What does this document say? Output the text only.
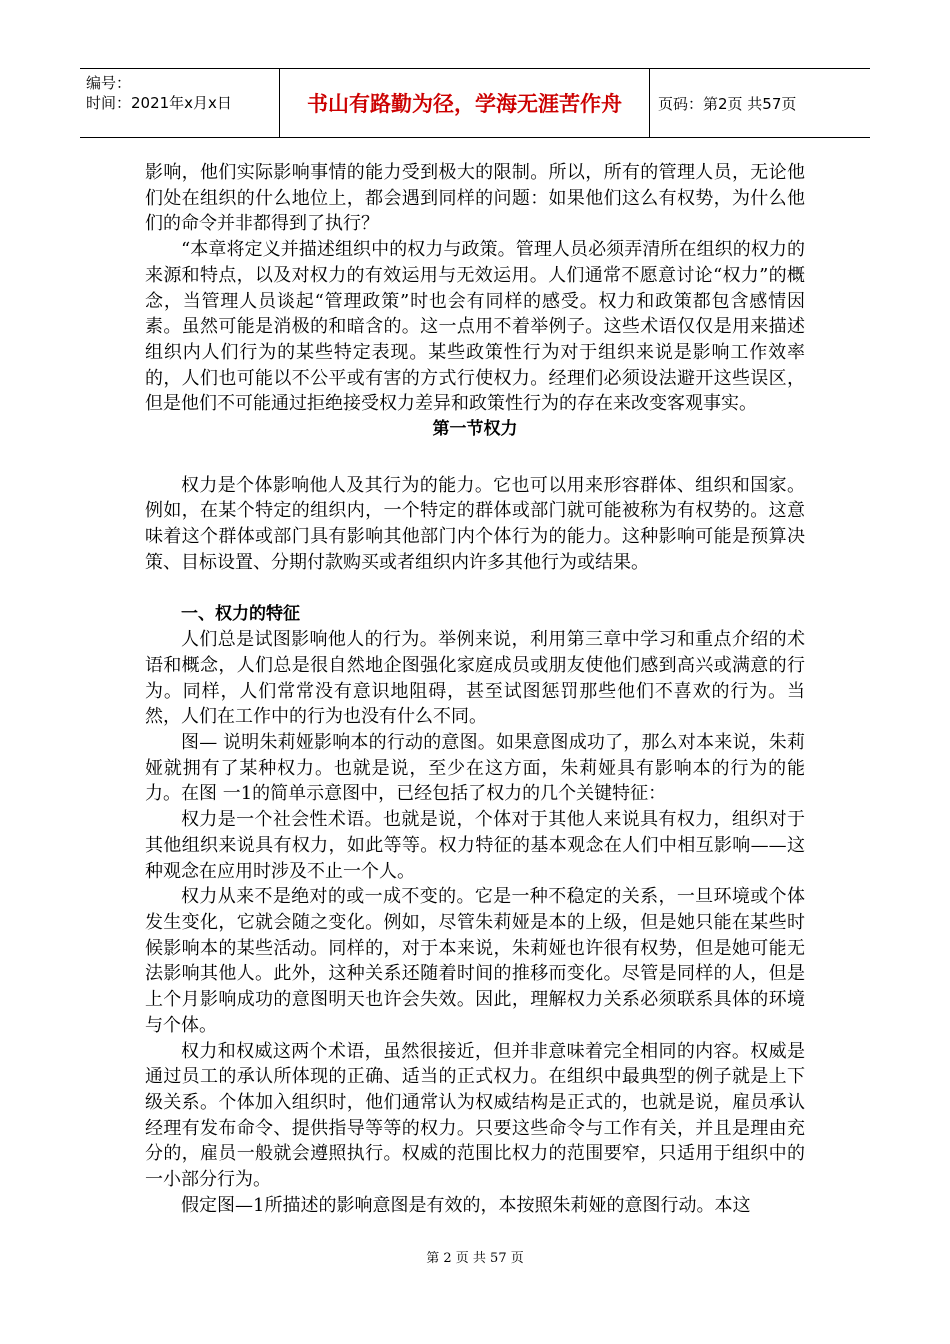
编号：
时间：2021年x月x日	书山有路勤为径，学海无涯苦作舟	页码：第2页 共57页

影响，他们实际影响事情的能力受到极大的限制。所以，所有的管理人员，无论他们处在组织的什么地位上，都会遇到同样的问题：如果他们这么有权势，为什么他们的命令并非都得到了执行？

“本章将定义并描述组织中的权力与政策。管理人员必须弄清所在组织的权力的来源和特点，以及对权力的有效运用与无效运用。人们通常不愿意讨论“权力”的概念，当管理人员谈起“管理政策”时也会有同样的感受。权力和政策都包含感情因素。虽然可能是消极的和暗含的。这一点用不着举例子。这些术语仅仅是用来描述组织内人们行为的某些特定表现。某些政策性行为对于组织来说是影响工作效率的，人们也可能以不公平或有害的方式行使权力。经理们必须设法避开这些误区，但是他们不可能通过拒绝接受权力差异和政策性行为的存在来改变客观事实。

第一节权力

权力是个体影响他人及其行为的能力。它也可以用来形容群体、组织和国家。例如，在某个特定的组织内，一个特定的群体或部门就可能被称为有权势的。这意味着这个群体或部门具有影响其他部门内个体行为的能力。这种影响可能是预算决策、目标设置、分期付款购买或者组织内许多其他行为或结果。

一、权力的特征

人们总是试图影响他人的行为。举例来说，利用第三章中学习和重点介绍的术语和概念，人们总是很自然地企图强化家庭成员或朋友使他们感到高兴或满意的行为。同样，人们常常没有意识地阻碍，甚至试图惩罚那些他们不喜欢的行为。当然，人们在工作中的行为也没有什么不同。

图— 说明朱莉娅影响本的行动的意图。如果意图成功了，那么对本来说，朱莉娅就拥有了某种权力。也就是说，至少在这方面，朱莉娅具有影响本的行为的能力。在图 一1的简单示意图中，已经包括了权力的几个关键特征：

权力是一个社会性术语。也就是说，个体对于其他人来说具有权力，组织对于其他组织来说具有权力，如此等等。权力特征的基本观念在人们中相互影响——这种观念在应用时涉及不止一个人。

权力从来不是绝对的或一成不变的。它是一种不稳定的关系，一旦环境或个体发生变化，它就会随之变化。例如，尽管朱莉娅是本的上级，但是她只能在某些时候影响本的某些活动。同样的，对于本来说，朱莉娅也许很有权势，但是她可能无法影响其他人。此外，这种关系还随着时间的推移而变化。尽管是同样的人，但是上个月影响成功的意图明天也许会失效。因此，理解权力关系必须联系具体的环境与个体。

权力和权威这两个术语，虽然很接近，但并非意味着完全相同的内容。权威是通过员工的承认所体现的正确、适当的正式权力。在组织中最典型的例子就是上下级关系。个体加入组织时，他们通常认为权威结构是正式的，也就是说，雇员承认经理有发布命令、提供指导等等的权力。只要这些命令与工作有关，并且是理由充分的，雇员一般就会遵照执行。权威的范围比权力的范围要窄，只适用于组织中的一小部分行为。

假定图—1所描述的影响意图是有效的，本按照朱莉娅的意图行动。本这

第 2 页 共 57 页
